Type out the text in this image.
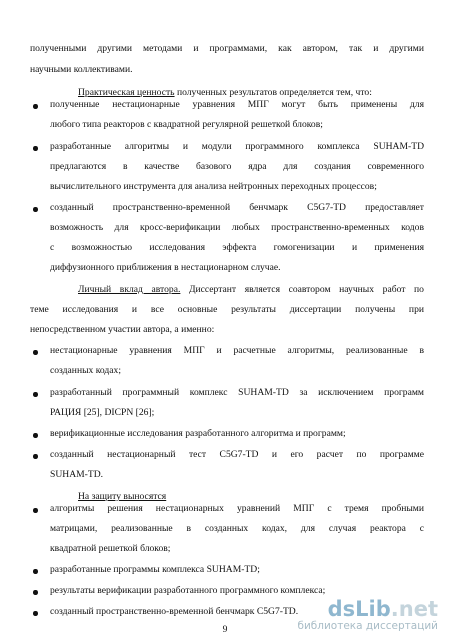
полученными другими методами и программами, как автором, так и другими
научными коллективами.
Практическая ценность полученных результатов определяется тем, что:
полученные нестационарные уравнения МПГ могут быть применены для
любого типа реакторов с квадратной регулярной решеткой блоков;
разработанные алгоритмы и модули программного комплекса SUHAM-TD
предлагаются в качестве базового ядра для создания современного
вычислительного инструмента для анализа нейтронных переходных процессов;
созданный пространственно-временной бенчмарк C5G7-TD предоставляет
возможность для кросс-верификации любых пространственно-временных кодов
с возможностью исследования эффекта гомогенизации и применения
диффузионного приближения в нестационарном случае.
Личный вклад автора. Диссертант является соавтором научных работ по
теме исследования и все основные результаты диссертации получены при
непосредственном участии автора, а именно:
нестационарные уравнения МПГ и расчетные алгоритмы, реализованные в
созданных кодах;
разработанный программный комплекс SUHAM-TD за исключением программ
РАЦИЯ [25], DICPN [26];
верификационные исследования разработанного алгоритма и программ;
созданный нестационарный тест C5G7-TD и его расчет по программе
SUHAM-TD.
На защиту выносятся
алгоритмы решения нестационарных уравнений МПГ с тремя пробными
матрицами, реализованные в созданных кодах, для случая реактора с
квадратной решеткой блоков;
разработанные программы комплекса SUHAM-TD;
результаты верификации разработанного программного комплекса;
созданный пространственно-временной бенчмарк C5G7-TD.
9
dsLib.net
библиотека диссертаций
